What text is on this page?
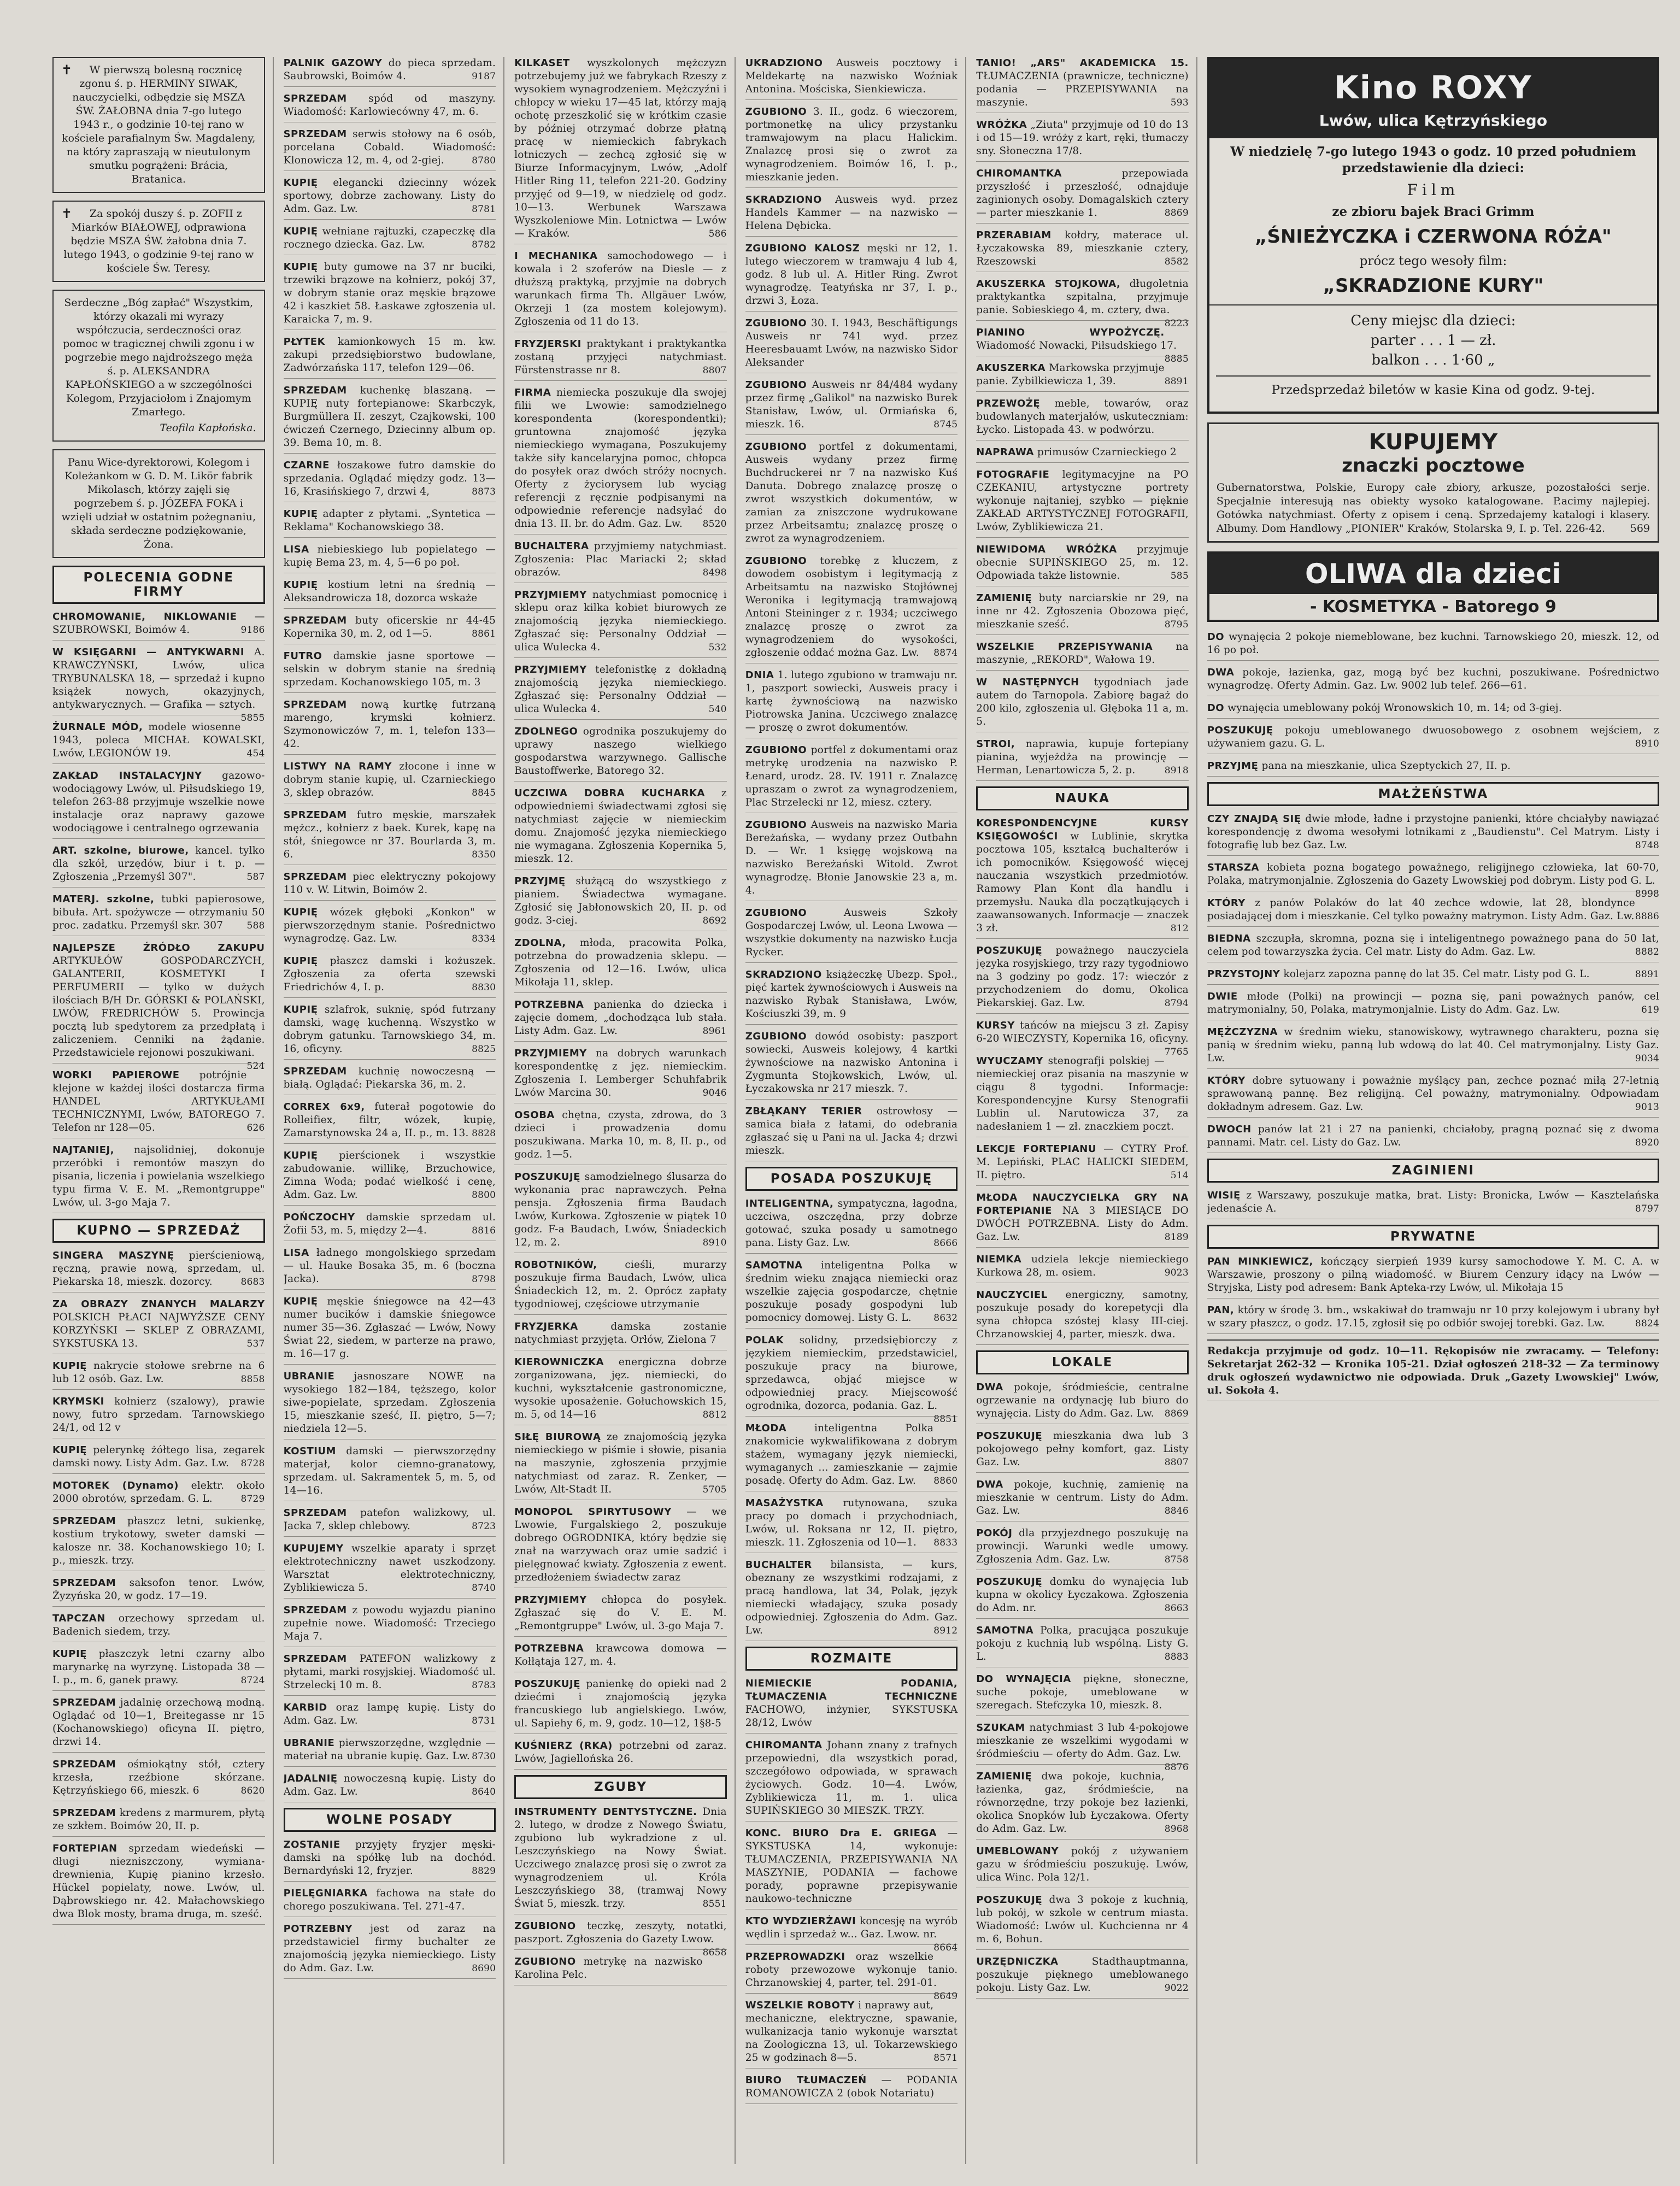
✝ W pierwszą bolesną rocznicę zgonu ś. p. HERMINY SIWAK, nauczycielki, odbędzie się MSZA ŚW. ŻAŁOBNA dnia 7-go lutego 1943 r., o godzinie 10-tej rano w kościele parafialnym Św. Magdaleny, na który zapraszają w nieutulonym smutku pogrążeni: Brácia, Bratanica.
✝ Za spokój duszy ś. p. ZOFII z Miarków BIAŁOWEJ, odprawiona będzie MSZA ŚW. żałobna dnia 7. lutego 1943, o godzinie 9-tej rano w kościele Św. Teresy.
Serdeczne „Bóg zapłać" Wszystkim, którzy okazali mi wyrazy współczucia, serdeczności oraz pomoc w tragicznej chwili zgonu i w pogrzebie mego najdroższego męża ś. p. ALEKSANDRA KAPŁOŃSKIEGO a w szczególności Kolegom, Przyjaciołom i Znajomym Zmarłego.
Teofila Kapłońska.
Panu Wice-dyrektorowi, Kolegom i Koleżankom w G. D. M. Likör fabrik Mikolasch, którzy zajęli się pogrzebem ś. p. JÓZEFA FOKA i wzięli udział w ostatnim pożegnaniu, składa serdeczne podziękowanie, Żona.
POLECENIA GODNE FIRMY
CHROMOWANIE, NIKLOWANIE — SZUBROWSKI, Boimów 4.	9186
W KSIĘGARNI — ANTYKWARNI A. KRAWCZYŃSKI, Lwów, ulica TRYBUNALSKA 18, — sprzedaż i kupno książek nowych, okazyjnych, antykwarycznych. — Grafika — sztych.
5855
ŻURNALE MÓD, modele wiosenne 1943, poleca MICHAŁ KOWALSKI, Lwów, LEGIONÓW 19.	454
ZAKŁAD INSTALACYJNY gazowo-wodociągowy Lwów, ul. Piłsudskiego 19, telefon 263-88 przyjmuje wszelkie nowe instalacje oraz naprawy gazowe wodociągowe i centralnego ogrzewania
ART. szkolne, biurowe, kancel. tylko dla szkół, urzędów, biur i t. p. — Zgłoszenia „Przemyśl 307".	587
MATERJ. szkolne, tubki papierosowe, bibuła. Art. spożywcze — otrzymaniu 50 proc. zadatku. Przemyśl skr. 307	588
NAJLEPSZE ŹRÓDŁO ZAKUPU ARTYKUŁÓW GOSPODARCZYCH, GALANTERII, KOSMETYKI I PERFUMERII — tylko w dużych ilościach B/H Dr. GÓRSKI & POLAŃSKI, LWÓW, FREDRICHÓW 5. Prowincja pocztą lub spedytorem za przedpłatą i zaliczeniem. Cenniki na żądanie. Przedstawiciele rejonowi poszukiwani.
524
WORKI PAPIEROWE potrójnie klejone w każdej ilości dostarcza firma HANDEL ARTYKUŁAMI TECHNICZNYMI, Lwów, BATOREGO 7. Telefon nr 128—05.	626
NAJTANIEJ, najsolidniej, dokonuje przeróbki i remontów maszyn do pisania, liczenia i powielania wszelkiego typu firma V. E. M. „Remontgruppe" Lwów, ul. 3-go Maja 7.
KUPNO — SPRZEDAŻ
SINGERA MASZYNĘ pierścieniową, ręczną, prawie nową, sprzedam, ul. Piekarska 18, mieszk. dozorcy.	8683
ZA OBRAZY ZNANYCH MALARZY POLSKICH PŁACI NAJWYŻSZE CENY KORZYŃSKI — SKLEP Z OBRAZAMI, SYKSTUSKA 13.	537
KUPIĘ nakrycie stołowe srebrne na 6 lub 12 osób. Gaz. Lw.	8858
KRYMSKI kołnierz (szalowy), prawie nowy, futro sprzedam. Tarnowskiego 24/1, od 12 v
KUPIĘ pelerynkę żółtego lisa, zegarek damski nowy. Listy Adm. Gaz. Lw. 8728
MOTOREK (Dynamo) elektr. około 2000 obrotów, sprzedam. G. L.	8729
SPRZEDAM płaszcz letni, sukienkę, kostium trykotowy, sweter damski — kalosze nr. 38. Kochanowskiego 10; I. p., mieszk. trzy.
SPRZEDAM saksofon tenor. Lwów, Żyzyńska 20, w godz. 17—19.
TAPCZAN orzechowy sprzedam ul. Badenich siedem, trzy.
KUPIĘ płaszczyk letni czarny albo marynarkę na wyrzynę. Listopada 38 — I. p., m. 6, ganek prawy.	8724
SPRZEDAM jadalnię orzechową modną. Oglądać od 10—1, Breitegasse nr 15 (Kochanowskiego) oficyna II. piętro, drzwi 14.
SPRZEDAM ośmiokątny stół, cztery krzesła, rzeźbione skórzane. Kętrzyńskiego 66, mieszk. 6	8620
SPRZEDAM kredens z marmurem, płytą ze szkłem. Boimów 20, II. p.
FORTEPIAN sprzedam wiedeński — długi niezniszczony, wymiana-drewnienia, Kupię pianino krzesło. Hückel popielaty, nowe. Lwów, ul. Dąbrowskiego nr. 42. Małachowskiego dwa Blok mosty, brama druga, m. sześć.
PALNIK GAZOWY do pieca sprzedam. Saubrowski, Boimów 4.	9187
SPRZEDAM spód od maszyny. Wiadomość: Karlowiecówny 47, m. 6.
SPRZEDAM serwis stołowy na 6 osób, porcelana Cobald. Wiadomość: Klonowicza 12, m. 4, od 2-giej.	8780
KUPIĘ elegancki dziecinny wózek sportowy, dobrze zachowany. Listy do Adm. Gaz. Lw.	8781
KUPIĘ wełniane rajtuzki, czapeczkę dla rocznego dziecka. Gaz. Lw.	8782
KUPIĘ buty gumowe na 37 nr buciki, trzewiki brązowe na kołnierz, pokój 37, w dobrym stanie oraz męskie brązowe 42 i kaszkiet 58. Łaskawe zgłoszenia ul. Karaicka 7, m. 9.
PŁYTEK kamionkowych 15 m. kw. zakupi przedsiębiorstwo budowlane, Zadwórzańska 117, telefon 129—06.
SPRZEDAM kuchenkę blaszaną. — KUPIĘ nuty fortepianowe: Skarbczyk, Burgmüllera II. zeszyt, Czajkowski, 100 ćwiczeń Czernego, Dziecinny album op. 39. Bema 10, m. 8.
CZARNE łoszakowe futro damskie do sprzedania. Oglądać między godz. 13—16, Krasińskiego 7, drzwi 4,	8873
KUPIĘ adapter z płytami. „Syntetica — Reklama" Kochanowskiego 38.
LISA niebieskiego lub popielatego — kupię Bema 23, m. 4, 5—6 po poł.
KUPIĘ kostium letni na średnią — Aleksandrowicza 18, dozorca wskaże
SPRZEDAM buty oficerskie nr 44-45 Kopernika 30, m. 2, od 1—5.	8861
FUTRO damskie jasne sportowe — selskin w dobrym stanie na średnią sprzedam. Kochanowskiego 105, m. 3
SPRZEDAM nową kurtkę futrzaną marengo, krymski kołnierz. Szymonowiczów 7, m. 1, telefon 133—42.
LISTWY NA RAMY złocone i inne w dobrym stanie kupię, ul. Czarnieckiego 3, sklep obrazów.	8845
SPRZEDAM futro męskie, marszałek mężcz., kołnierz z baek. Kurek, kapę na stół, śniegowce nr 37. Bourlarda 3, m. 6.	8350
SPRZEDAM piec elektryczny pokojowy 110 v. W. Litwin, Boimów 2.
KUPIĘ wózek głęboki „Konkon" w pierwszorzędnym stanie. Pośrednictwo wynagrodzę. Gaz. Lw.	8334
KUPIĘ płaszcz damski i kożuszek. Zgłoszenia za oferta szewski Friedrichów 4, I. p.	8830
KUPIĘ szlafrok, suknię, spód futrzany damski, wagę kuchenną. Wszystko w dobrym gatunku. Tarnowskiego 34, m. 16, oficyny.	8825
SPRZEDAM kuchnię nowoczesną — białą. Oglądać: Piekarska 36, m. 2.
CORREX 6x9, futerał pogotowie do Rolleifiex, filtr, wózek, kupię, Zamarstynowska 24 a, II. p., m. 13. 8828
KUPIĘ pierścionek i wszystkie zabudowanie. willikę, Brzuchowice, Zimna Woda; podać wielkość i cenę, Adm. Gaz. Lw.	8800
POŃCZOCHY damskie sprzedam ul. Żofii 53, m. 5, między 2—4.	8816
LISA ładnego mongolskiego sprzedam — ul. Hauke Bosaka 35, m. 6 (boczna Jacka).	8798
KUPIĘ męskie śniegowce na 42—43 numer bucików i damskie śniegowce numer 35—36. Zgłaszać — Lwów, Nowy Świat 22, siedem, w parterze na prawo, m. 16—17 g.
UBRANIE jasnoszare NOWE na wysokiego 182—184, tęższego, kolor siwe-popielate, sprzedam. Zgłoszenia 15, mieszkanie sześć, II. piętro, 5—7; niedziela 12—5.
KOSTIUM damski — pierwszorzędny materjał, kolor ciemno-granatowy, sprzedam. ul. Sakramentek 5, m. 5, od 14—16.
SPRZEDAM patefon walizkowy, ul. Jacka 7, sklep chlebowy.	8723
KUPUJEMY wszelkie aparaty i sprzęt elektrotechniczny nawet uszkodzony. Warsztat elektrotechniczny, Zyblikiewicza 5.	8740
SPRZEDAM z powodu wyjazdu pianino zupełnie nowe. Wiadomość: Trzeciego Maja 7.
SPRZEDAM PATEFON walizkowy z płytami, marki rosyjskiej. Wiadomość ul. Strzeleckį 10 m. 8.	8783
KARBID oraz lampę kupię. Listy do Adm. Gaz. Lw.	8731
UBRANIE pierwszorzędne, względnie — materiał na ubranie kupię. Gaz. Lw. 8730
JADALNIĘ nowoczesną kupię. Listy do Adm. Gaz. Lw.	8640
WOLNE POSADY
ZOSTANIE przyjęty fryzjer męski-damski na spółkę lub na dochód. Bernardyński 12, fryzjer.	8829
PIELĘGNIARKA fachowa na stałe do chorego poszukiwana. Tel. 271-47.
POTRZEBNY jest od zaraz na przedstawiciel firmy buchalter ze znajomością języka niemieckiego. Listy do Adm. Gaz. Lw.	8690
KILKASET wyszkolonych mężczyzn potrzebujemy już we fabrykach Rzeszy z wysokiem wynagrodzeniem. Mężczyźni i chłopcy w wieku 17—45 lat, którzy mają ochotę przeszkolić się w krótkim czasie by później otrzymać dobrze płatną pracę w niemieckich fabrykach lotniczych — zechcą zgłosić się w Biurze Informacyjnym, Lwów, „Adolf Hitler Ring 11, telefon 221-20. Godziny przyjęć od 9—19, w niedzielę od godz. 10—13. Werbunek Warszawa Wyszkoleniowe Min. Lotnictwa — Lwów — Kraków.	586
I MECHANIKA samochodowego — i kowala i 2 szoferów na Diesle — z dłuższą praktyką, przyjmie na dobrych warunkach firma Th. Allgäuer Lwów, Okrzeji 1 (za mostem kolejowym). Zgłoszenia od 11 do 13.
FRYZJERSKI praktykant i praktykantka zostaną przyjęci natychmiast. Fürstenstrasse nr 8.	8807
FIRMA niemiecka poszukuje dla swojej filii we Lwowie: samodzielnego korespondenta (korespondentki); gruntowna znajomość języka niemieckiego wymagana, Poszukujemy także siły kancelaryjna pomoc, chłopca do posyłek oraz dwóch stróży nocnych. Oferty z życiorysem lub wyciąg referencji z ręcznie podpisanymi na odpowiednie referencje nadsyłać do dnia 13. II. br. do Adm. Gaz. Lw. 8520
BUCHALTERA przyjmiemy natychmiast. Zgłoszenia: Plac Mariacki 2; skład obrazów.	8498
PRZYJMIEMY natychmiast pomocnicę i sklepu oraz kilka kobiet biurowych ze znajomością języka niemieckiego. Zgłaszać się: Personalny Oddział — ulica Wulecka 4.	532
PRZYJMIEMY telefonistkę z dokładną znajomością języka niemieckiego. Zgłaszać się: Personalny Oddział — ulica Wulecka 4.	540
ZDOLNEGO ogrodnika poszukujemy do uprawy naszego wielkiego gospodarstwa warzywnego. Gallische Baustoffwerke, Batorego 32.
UCZCIWA DOBRA KUCHARKA z odpowiedniemi świadectwami zgłosi się natychmiast zajęcie w niemieckim domu. Znajomość języka niemieckiego nie wymagana. Zgłoszenia Kopernika 5, mieszk. 12.
PRZYJMĘ służącą do wszystkiego z pianiem. Świadectwa wymagane. Zgłosić się Jabłonowskich 20, II. p. od godz. 3-ciej.	8692
ZDOLNA, młoda, pracowita Polka, potrzebna do prowadzenia sklepu. — Zgłoszenia od 12—16. Lwów, ulica Mikołaja 11, sklep.
POTRZEBNA panienka do dziecka i zajęcie domem, „dochodząca lub stała. Listy Adm. Gaz. Lw.	8961
PRZYJMIEMY na dobrych warunkach korespondentkę z jęz. niemieckim. Zgłoszenia I. Lemberger Schuhfabrik Lwów Marcina 30.	9046
OSOBA chętna, czysta, zdrowa, do 3 dzieci i prowadzenia domu poszukiwana. Marka 10, m. 8, II. p., od godz. 1—5.
POSZUKUJĘ samodzielnego ślusarza do wykonania prac naprawczych. Pełna pensja. Zgłoszenia firma Baudach Lwów, Kurkowa. Zgłoszenie w piątek 10 godz. F-a Baudach, Lwów, Śniadeckich 12, m. 2.	8910
ROBOTNIKÓW,	cieśli, murarzy poszukuje firma Baudach, Lwów, ulica Śniadeckich 12, m. 2. Oprócz zapłaty tygodniowej, częściowe utrzymanie
FRYZJERKA	damska zostanie natychmiast przyjęta. Orłów, Zielona 7
KIEROWNICZKA energiczna dobrze zorganizowana, jęz. niemiecki, do kuchni, wykształcenie gastronomiczne, wysokie uposażenie. Gołuchowskich 15, m. 5, od 14—16	8812
SIŁĘ BIUROWĄ ze znajomością języka niemieckiego w piśmie i słowie, pisania na maszynie, zgłoszenia przyjmie natychmiast od zaraz. R. Zenker, — Lwów, Alt-Stadt II.	5705
MONOPOL SPIRYTUSOWY — we Lwowie, Furgalskiego 2, poszukuje dobrego OGRODNIKA, który będzie się znał na warzywach oraz umie sadzić i pielęgnować kwiaty. Zgłoszenia z ewent. przedłożeniem świadectw zaraz
PRZYJMIEMY chłopca do posyłek. Zgłaszać się do V. E. M. „Remontgruppe" Lwów, ul. 3-go Maja 7.
POTRZEBNA krawcowa domowa — Kołłątaja 127, m. 4.
POSZUKUJĘ panienkę do opieki nad 2 dziećmi i znajomością języka francuskiego lub angielskiego. Lwów, ul. Sapiehy 6, m. 9, godz. 10—12, 1§8-5
KUŚNIERZ (RKA) potrzebni od zaraz. Lwów, Jagiellońska 26.
ZGUBY
INSTRUMENTY DENTYSTYCZNE. Dnia 2. lutego, w drodze z Nowego Światu, zgubiono lub wykradzione z ul. Leszczyńskiego na Nowy Świat. Uczciwego znalazcę prosi się o zwrot za wynagrodzeniem ul. Króla Leszczyńskiego 38, (tramwaj Nowy Świat 5, mieszk. trzy.	8551
ZGUBIONO teczkę, zeszyty, notatki, paszport. Zgłoszenia do Gazety Lwow.
8658
ZGUBIONO metrykę na nazwisko Karolina Pelc.
UKRADZIONO Ausweis pocztowy i Meldekartę na nazwisko Woźniak Antonina. Mościska, Sienkiewicza.
ZGUBIONO 3. II., godz. 6 wieczorem, portmonetkę na ulicy przystanku tramwajowym na placu Halickim. Znalazcę prosi się o zwrot za wynagrodzeniem. Boimów 16, I. p., mieszkanie jeden.
SKRADZIONO Ausweis wyd. przez Handels Kammer — na nazwisko — Helena Dębicka.
ZGUBIONO KALOSZ męski nr 12, 1. lutego wieczorem w tramwaju 4 lub 4, godz. 8 lub ul. A. Hitler Ring. Zwrot wynagrodzę. Teatyńska nr 37, I. p., drzwi 3, Łoza.
ZGUBIONO 30. I. 1943, Beschäftigungs Ausweis nr 741 wyd. przez Heeresbauamt Lwów, na nazwisko Sidor Aleksander
ZGUBIONO Ausweis nr 84/484 wydany przez firmę „Galikol" na nazwisko Burek Stanisław, Lwów, ul. Ormiańska 6, mieszk. 16.	8745
ZGUBIONO portfel z dokumentami, Ausweis wydany przez firmę Buchdruckerei nr 7 na nazwisko Kuś Danuta. Dobrego znalazcę proszę o zwrot wszystkich dokumentów, w zamian za zniszczone wydrukowane przez Arbeitsamtu; znalazcę proszę o zwrot za wynagrodzeniem.
ZGUBIONO torebkę z kluczem, z dowodem osobistym i legitymacją z Arbeitsamtu na nazwisko Stojłównej Weronika i legitymacją tramwajową Antoni Steininger z r. 1934; uczciwego znalazcę proszę o zwrot za wynagrodzeniem do wysokości, zgłoszenie oddać można Gaz. Lw. 8874
DNIA 1. lutego zgubiono w tramwaju nr. 1, paszport sowiecki, Ausweis pracy i kartę żywnościową na nazwisko Piotrowska Janina. Uczciwego znalazcę — proszę o zwrot dokumentów.
ZGUBIONO portfel z dokumentami oraz metrykę urodzenia na nazwisko P. Łenard, urodz. 28. IV. 1911 r. Znalazcę upraszam o zwrot za wynagrodzeniem, Plac Strzelecki nr 12, miesz. cztery.
ZGUBIONO Ausweis na nazwisko Maria Bereżańska, — wydany przez Outbahn D. — Wr. 1 księgę wojskową na nazwisko Bereżański Witold. Zwrot wynagrodzę. Błonie Janowskie 23 a, m. 4.
ZGUBIONO	Ausweis Szkoły Gospodarczej Lwów, ul. Leona Lwowa — wszystkie dokumenty na nazwisko Łucja Rycker.
SKRADZIONO książeczkę Ubezp. Społ., pięć kartek żywnościowych i Ausweis na nazwisko Rybak Stanisława, Lwów, Kościuszki 39, m. 9
ZGUBIONO dowód osobisty: paszport sowiecki, Ausweis kolejowy, 4 kartki żywnościowe na nazwisko Antonina i Zygmunta Stojkowskich, Lwów, ul. Łyczakowska nr 217 mieszk. 7.
ZBŁĄKANY TERIER ostrowłosy — samica biała z łatami, do odebrania zgłaszać się u Pani na ul. Jacka 4; drzwi mieszk.
POSADA POSZUKUJĘ
INTELIGENTNA, sympatyczna, łagodna, uczciwa, oszczędna, przy dobrze gotować, szuka posady u samotnego pana. Listy Gaz. Lw.	8666
SAMOTNA inteligentna Polka w średnim wieku znająca niemiecki oraz wszelkie zajęcia gospodarcze, chętnie poszukuje posady gospodyni lub pomocnicy domowej. Listy G. L. 8632
POLAK solidny, przedsiębiorczy z językiem niemieckim, przedstawiciel, poszukuje pracy na biurowe, sprzedawca, objąć miejsce w odpowiedniej pracy. Miejscowość ogrodnika, dozorca, podania. Gaz. L.
8851
MŁODA	inteligentna Polka znakomicie wykwalifikowana z dobrym stażem, wymagany język niemiecki, wymaganych ... zamieszkanie — zajmie posadę. Oferty do Adm. Gaz. Lw. 8860
MASAŻYSTKA rutynowana, szuka pracy po domach i przychodniach, Lwów, ul. Roksana nr 12, II. piętro, mieszk. 11. Zgłoszenia od 10—1. 8833
BUCHALTER bilansista, — kurs, obeznany ze wszystkimi rodzajami, z pracą handlowa, lat 34, Polak, język niemiecki władający, szuka posady odpowiedniej. Zgłoszenia do Adm. Gaz. Lw.	8912
ROZMAITE
NIEMIECKIE PODANIA, TŁUMACZENIA TECHNICZNE FACHOWO, inżynier, SYKSTUSKA 28/12, Lwów
CHIROMANTA Johann znany z trafnych przepowiedni, dla wszystkich porad, szczegółowo odpowiada, w sprawach życiowych. Godz. 10—4. Lwów, Zyblikiewicza 11, m. 1. ulica SUPIŃSKIEGO 30 MIESZK. TRZY.
KONC. BIURO Dra E. GRIEGA — SYKSTUSKA 14, wykonuje: TŁUMACZENIA, PRZEPISYWANIA NA MASZYNIE, PODANIA — fachowe porady, poprawne przepisywanie naukowo-techniczne
KTO WYDZIERŻAWI koncesję na wyrób wędlin i sprzedaż w... Gaz. Lwow. nr.
8664
PRZEPROWADZKI oraz wszelkie roboty przewozowe wykonuje tanio. Chrzanowskiej 4, parter, tel. 291-01.
8649
WSZELKIE ROBOTY i naprawy aut, mechaniczne, elektryczne, spawanie, wulkanizacja tanio wykonuje warsztat na Zoologiczna 13, ul. Tokarzewskiego 25 w godzinach 8—5.	8571
BIURO TŁUMACZEŃ — PODANIA ROMANOWICZA 2 (obok Notariatu)
TANIO! „ARS" AKADEMICKA 15. TŁUMACZENIA (prawnicze, techniczne) podania — PRZEPISYWANIA na maszynie.	593
WRÓŻKA „Ziuta" przyjmuje od 10 do 13 i od 15—19. wróży z kart, ręki, tłumaczy sny. Słoneczna 17/8.
CHIROMANTKA	przepowiada przyszłość i przeszłość, odnajduje zaginionych osoby. Domagalskich cztery — parter mieszkanie 1.	8869
PRZERABIAM kołdry, materace ul. Łyczakowska 89, mieszkanie cztery, Rzeszowski	8582
AKUSZERKA STOJKOWA, długoletnia praktykantka szpitalna, przyjmuje panie. Sobieskiego 4, m. cztery, dwa.
8223
PIANINO WYPOŻYCZĘ. Wiadomość Nowacki, Piłsudskiego 17.
8885
AKUSZERKA Markowska przyjmuje panie. Zybilkiewicza 1, 39.	8891
PRZEWOŻĘ meble, towarów, oraz budowlanych materjałów, uskuteczniam: Łycko. Listopada 43. w podwórzu.
NAPRAWA primusów Czarnieckiego 2
FOTOGRAFIE legitymacyjne na PO CZEKANIU, artystyczne portrety wykonuje najtaniej, szybko — pięknie ZAKŁAD ARTYSTYCZNEJ FOTOGRAFII, Lwów, Zyblikiewicza 21.
NIEWIDOMA WRÓŻKA przyjmuje obecnie SUPIŃSKIEGO 25, m. 12. Odpowiada także listownie.	585
ZAMIENIĘ buty narciarskie nr 29, na inne nr 42. Zgłoszenia Obozowa pięć, mieszkanie sześć.	8795
WSZELKIE PRZEPISYWANIA na maszynie, „REKORD", Wałowa 19.
W NASTĘPNYCH tygodniach jade autem do Tarnopola. Zabiorę bagaż do 200 kilo, zgłoszenia ul. Głęboka 11 a, m. 5.
STROI, naprawia, kupuje fortepiany pianina, wyjeżdża na prowincję — Herman, Lenartowicza 5, 2. p.	8918
NAUKA
KORESPONDENCYJNE KURSY KSIĘGOWOŚCI w Lublinie, skrytka pocztowa 105, kształcą buchalterów i ich pomocników. Księgowość więcej nauczania wszystkich przedmiotów. Ramowy Plan Kont dla handlu i przemysłu. Nauka dla początkujących i zaawansowanych. Informacje — znaczek 3 zł.	812
POSZUKUJĘ poważnego nauczyciela języka rosyjskiego, trzy razy tygodniowo na 3 godziny po godz. 17: wieczór z przychodzeniem do domu, Okolica Piekarskiej. Gaz. Lw.	8794
KURSY tańców na miejscu 3 zł. Zapisy 6-20 WIECZYSTY, Kopernika 16, oficyny.
7765
WYUCZAMY stenografji polskiej — niemieckiej oraz pisania na maszynie w ciągu 8 tygodni. Informacje: Korespondencyjne Kursy Stenografii Lublin ul. Narutowicza 37, za nadesłaniem 1 — zł. znaczkiem poczt.
LEKCJE FORTEPIANU — CYTRY Prof. M. Lepiński, PLAC HALICKI SIEDEM, II. piętro.	514
MŁODA NAUCZYCIELKA GRY NA FORTEPIANIE NA 3 MIESIĄCE DO DWÓCH POTRZEBNA. Listy do Adm. Gaz. Lw.	8189
NIEMKA udziela lekcje niemieckiego Kurkowa 28, m. osiem.	9023
NAUCZYCIEL energiczny, samotny, poszukuje posady do korepetycji dla syna chłopca szóstej klasy III-ciej. Chrzanowskiej 4, parter, mieszk. dwa.
LOKALE
DWA pokoje, śródmieście, centralne ogrzewanie na ordynację lub biuro do wynajęcia. Listy do Adm. Gaz. Lw. 8869
POSZUKUJĘ mieszkania dwa lub 3 pokojowego pełny komfort, gaz. Listy Gaz. Lw.	8807
DWA pokoje, kuchnię, zamienię na mieszkanie w centrum. Listy do Adm. Gaz. Lw.	8846
POKÓJ dla przyjezdnego poszukuję na prowincji. Warunki wedle umowy. Zgłoszenia Adm. Gaz. Lw.	8758
POSZUKUJĘ domku do wynajęcia lub kupna w okolicy Łyczakowa. Zgłoszenia do Adm. nr.	8663
SAMOTNA Polka, pracująca poszukuje pokoju z kuchnią lub wspólną. Listy G. L.	8883
DO WYNAJĘCIA piękne, słoneczne, suche pokoje, umeblowane w szeregach. Stefczyka 10, mieszk. 8.
SZUKAM natychmiast 3 lub 4-pokojowe mieszkanie ze wszelkimi wygodami w śródmieściu — oferty do Adm. Gaz. Lw.
8876
ZAMIENIĘ dwa pokoje, kuchnia, łazienka, gaz, śródmieście, na równorzędne, trzy pokoje bez łazienki, okolica Snopków lub Łyczakowa. Oferty do Adm. Gaz. Lw.	8968
UMEBLOWANY pokój z używaniem gazu w śródmieściu poszukuję. Lwów, ulica Winc. Pola 12/1.
POSZUKUJĘ dwa 3 pokoje z kuchnią, lub pokój, w szkole w centrum miasta. Wiadomość: Lwów ul. Kuchcienna nr 4 m. 6, Bohun.
URZĘDNICZKA	Stadthauptmanna, poszukuje pięknego umeblowanego pokoju. Listy Gaz. Lw.	9022
Kino ROXY
Lwów, ulica Kętrzyńskiego

W niedzielę 7-go lutego 1943 o godz. 10 przed południem przedstawienie dla dzieci:

Film

ze zbioru bajek Braci Grimm

„ŚNIEŻYCZKA i CZERWONA RÓŻA"

prócz tego wesoły film:

„SKRADZIONE KURY"

Ceny miejsc dla dzieci:
parter . . . 1 — zł.
balkon . . . 1·60 „

Przedsprzedaż biletów w kasie Kina od godz. 9-tej.

KUPUJEMY
znaczki pocztowe
Gubernatorstwa, Polskie, Europy całe zbiory, arkusze, pozostałości serje. Specjalnie interesują nas obiekty wysoko katalogowane. P.acimy najlepiej. Gotówka natychmiast. Oferty z opisem i ceną. Sprzedajemy katalogi i klasery. Albumy. Dom Handlowy „PIONIER" Kraków, Stolarska 9, I. p. Tel. 226-42. 569
OLIWA dla dzieci
- KOSMETYKA - Batorego 9
DO wynajęcia 2 pokoje niemeblowane, bez kuchni. Tarnowskiego 20, mieszk. 12, od 16 po poł.
DWA pokoje, łazienka, gaz, mogą być bez kuchni, poszukiwane. Pośrednictwo wynagrodzę. Oferty Admin. Gaz. Lw. 9002 lub telef. 266—61.
DO wynajęcia umeblowany pokój Wronowskich 10, m. 14; od 3-giej.
POSZUKUJĘ pokoju umeblowanego dwuosobowego z osobnem wejściem, z używaniem gazu. G. L.	8910
PRZYJMĘ pana na mieszkanie, ulica Szeptyckich 27, II. p.
MAŁŻEŃSTWA
CZY ZNAJDĄ SIĘ dwie młode, ładne i przystojne panienki, które chciałyby nawiązać korespondencję z dwoma wesołymi lotnikami z „Baudienstu". Cel Matrym. Listy i fotografię lub bez Gaz. Lw.	8748
STARSZA kobieta pozna bogatego poważnego, religijnego człowieka, lat 60-70, Polaka, matrymonjalnie. Zgłoszenia do Gazety Lwowskiej pod dobrym. Listy pod G. L.
8998
KTÓRY z panów Polaków do lat 40 zechce wdowie, lat 28, blondynce posiadającej dom i mieszkanie. Cel tylko poważny matrymon. Listy Adm. Gaz. Lw. 8886
BIEDNA szczupła, skromna, pozna się i inteligentnego poważnego pana do 50 lat, celem pod towarzyszka życia. Cel matr. Listy do Adm. Gaz. Lw.	8882
PRZYSTOJNY kolejarz zapozna pannę do lat 35. Cel matr. Listy pod G. L.	8891
DWIE młode (Polki) na prowincji — pozna się, pani poważnych panów, cel matrymonialny, 50, Polaka, matrymonjalnie. Listy do Adm. Gaz. Lw.	619
MĘŻCZYZNA w średnim wieku, stanowiskowy, wytrawnego charakteru, pozna się panią w średnim wieku, panną lub wdową do lat 40. Cel matrymonjalny. Listy Gaz. Lw.	9034
KTÓRY dobre sytuowany i poważnie myślący pan, zechce poznać miłą 27-letnią sprawowaną pannę. Bez religijną. Cel poważny, matrymonialny. Odpowiadam dokładnym adresem. Gaz. Lw.	9013
DWOCH panów lat 21 i 27 na panienki, chciałoby, pragną poznać się z dwoma pannami. Matr. cel. Listy do Gaz. Lw.	8920
ZAGINIENI
WISIĘ z Warszawy, poszukuje matka, brat. Listy: Bronicka, Lwów — Kasztelańska jedenaście A.	8797
PRYWATNE
PAN MINKIEWICZ, kończący sierpień 1939 kursy samochodowe Y. M. C. A. w Warszawie, proszony o pilną wiadomość. w Biurem Cenzury idący na Lwów — Stryjska, Listy pod adresem: Bank Apteka-rzy Lwów, ul. Mikołaja 15
PAN, który w środę 3. bm., wskakiwał do tramwaju nr 10 przy kolejowym i ubrany był w szary płaszcz, o godz. 17.15, zgłosił się po odbiór swojej torebki. Gaz. Lw.	8824
Redakcja przyjmuje od godz. 10—11. Rękopisów nie zwracamy. — Telefony: Sekretarjat 262-32 — Kronika 105-21. Dział ogłoszeń 218-32 — Za terminowy druk ogłoszeń wydawnictwo nie odpowiada. Druk „Gazety Lwowskiej" Lwów, ul. Sokoła 4.
